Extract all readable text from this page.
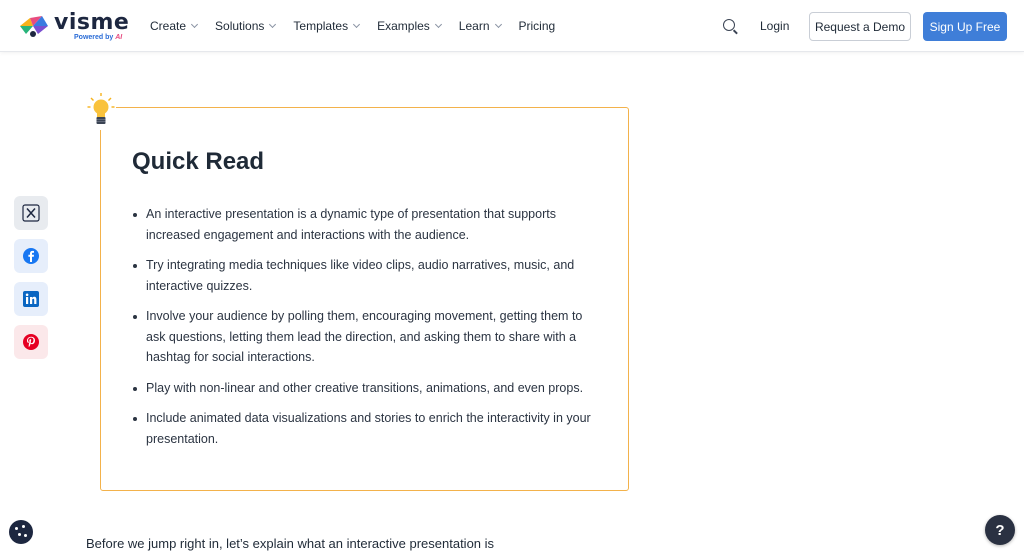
visme
Powered by AI
Create Solutions Templates Examples Learn Pricing	Login	Request a Demo	Sign Up Free
Quick Read
An interactive presentation is a dynamic type of presentation that supports increased engagement and interactions with the audience.
Try integrating media techniques like video clips, audio narratives, music, and interactive quizzes.
Involve your audience by polling them, encouraging movement, getting them to ask questions, letting them lead the direction, and asking them to share with a hashtag for social interactions.
Play with non-linear and other creative transitions, animations, and even props.
Include animated data visualizations and stories to enrich the interactivity in your presentation.

Before we jump right in, let’s explain what an interactive presentation is

?
